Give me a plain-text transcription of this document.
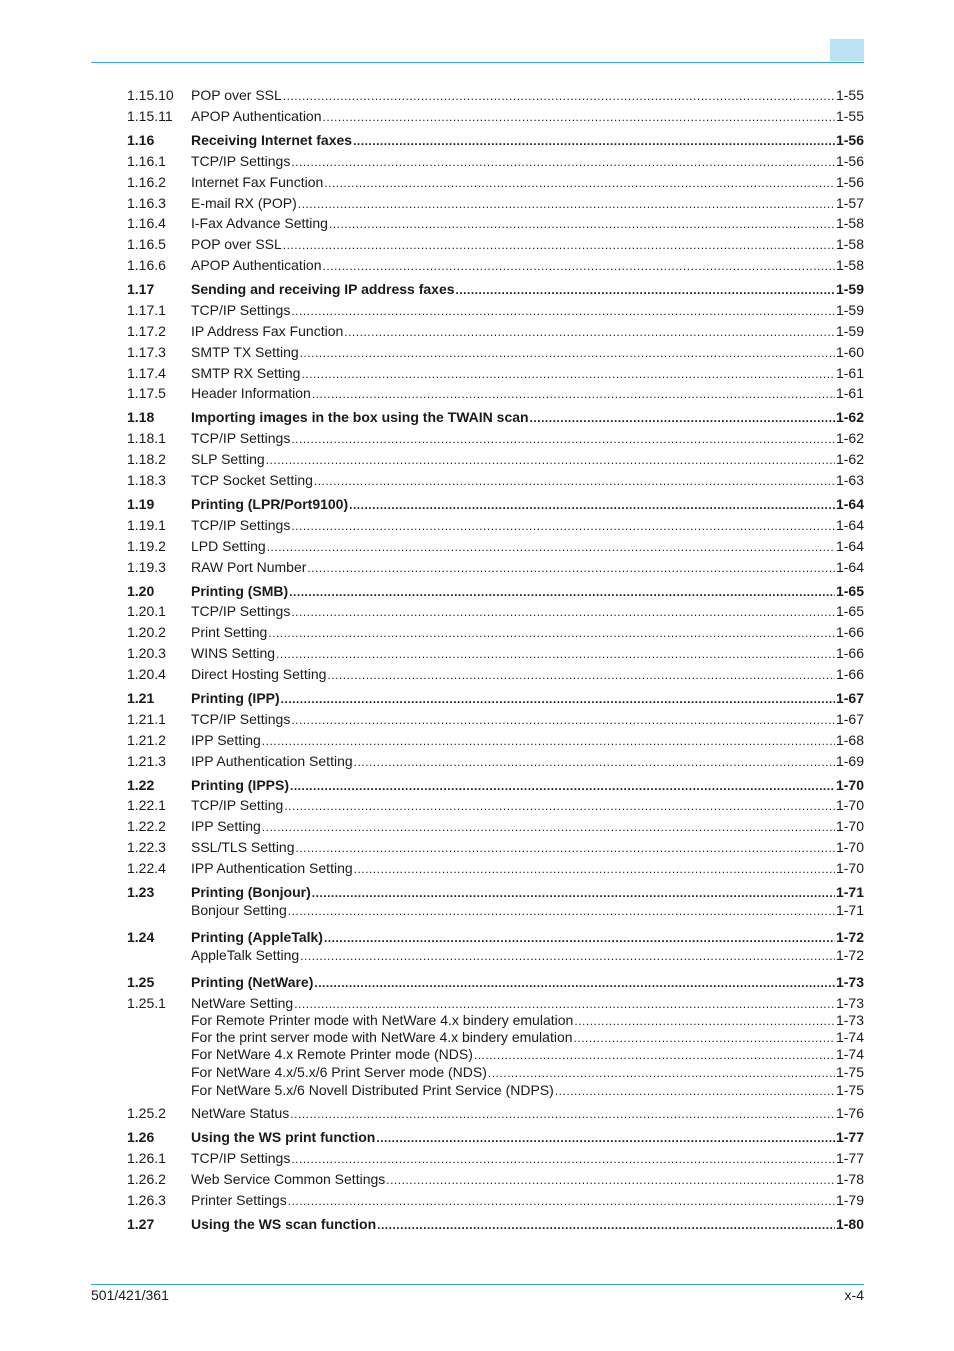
1.15.10 POP over SSL .....	1-55
1.15.11 APOP Authentication .....	1-55
1.16	Receiving Internet faxes .....	1-56
1.16.1 TCP/IP Settings .....	1-56
1.16.2 Internet Fax Function .....	1-56
1.16.3 E-mail RX (POP) .....	1-57
1.16.4 I-Fax Advance Setting .....	1-58
1.16.5 POP over SSL .....	1-58
1.16.6 APOP Authentication .....	1-58
1.17	Sending and receiving IP address faxes .....	1-59
1.17.1 TCP/IP Settings .....	1-59
1.17.2 IP Address Fax Function .....	1-59
1.17.3 SMTP TX Setting .....	1-60
1.17.4 SMTP RX Setting .....	1-61
1.17.5 Header Information .....	1-61
1.18	Importing images in the box using the TWAIN scan .....	1-62
1.18.1 TCP/IP Settings .....	1-62
1.18.2 SLP Setting .....	1-62
1.18.3 TCP Socket Setting .....	1-63
1.19	Printing (LPR/Port9100) .....	1-64
1.19.1 TCP/IP Settings .....	1-64
1.19.2 LPD Setting .....	1-64
1.19.3 RAW Port Number .....	1-64
1.20	Printing (SMB) .....	1-65
1.20.1 TCP/IP Settings .....	1-65
1.20.2 Print Setting .....	1-66
1.20.3 WINS Setting .....	1-66
1.20.4 Direct Hosting Setting .....	1-66
1.21	Printing (IPP) .....	1-67
1.21.1 TCP/IP Settings .....	1-67
1.21.2 IPP Setting .....	1-68
1.21.3 IPP Authentication Setting .....	1-69
1.22	Printing (IPPS) .....	1-70
1.22.1 TCP/IP Setting .....	1-70
1.22.2 IPP Setting .....	1-70
1.22.3 SSL/TLS Setting .....	1-70
1.22.4 IPP Authentication Setting .....	1-70
1.23	Printing (Bonjour) .....	1-71
Bonjour Setting .....	1-71
1.24	Printing (AppleTalk) .....	1-72
AppleTalk Setting .....	1-72
1.25	Printing (NetWare) .....	1-73
1.25.1 NetWare Setting .....	1-73
For Remote Printer mode with NetWare 4.x bindery emulation .....	1-73
For the print server mode with NetWare 4.x bindery emulation .....	1-74
For NetWare 4.x Remote Printer mode (NDS) .....	1-74
For NetWare 4.x/5.x/6 Print Server mode (NDS) .....	1-75
For NetWare 5.x/6 Novell Distributed Print Service (NDPS) .....	1-75
1.25.2 NetWare Status .....	1-76
1.26	Using the WS print function .....	1-77
1.26.1 TCP/IP Settings .....	1-77
1.26.2 Web Service Common Settings .....	1-78
1.26.3 Printer Settings .....	1-79
1.27	Using the WS scan function .....	1-80
501/421/361	x-4
